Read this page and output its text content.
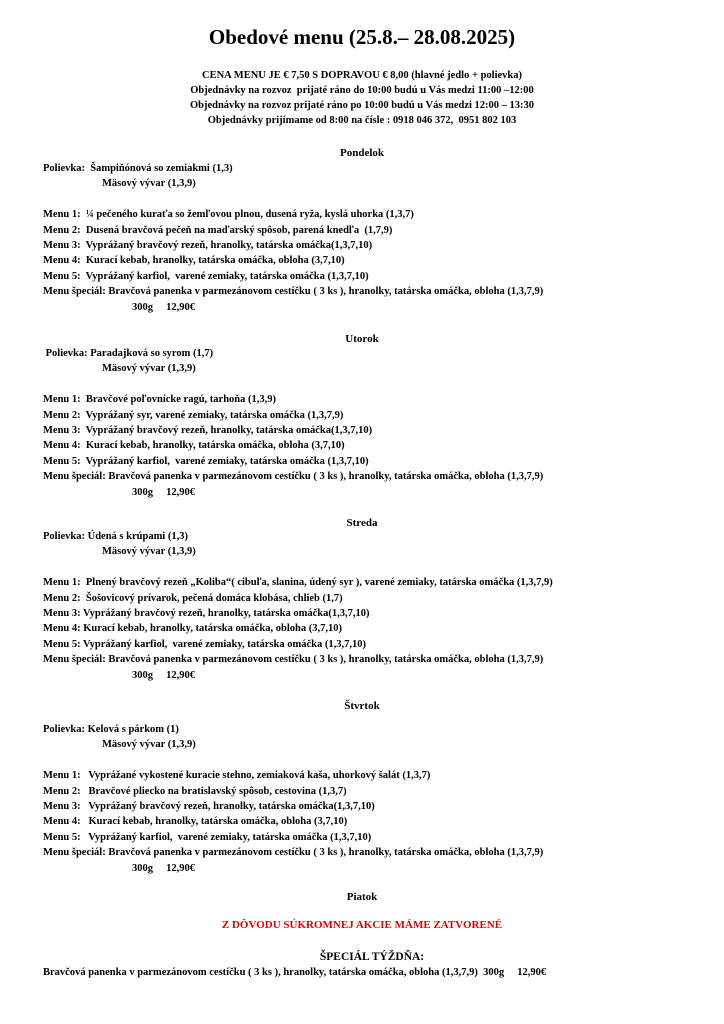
Obedové menu (25.8.– 28.08.2025)
CENA MENU JE € 7,50 S DOPRAVOU € 8,00 (hlavné jedlo + polievka)
Objednávky na rozvoz  prijaté ráno do 10:00 budú u Vás medzi 11:00 –12:00
Objednávky na rozvoz prijaté ráno po 10:00 budú u Vás medzi 12:00 – 13:30
Objednávky prijímame od 8:00 na čísle : 0918 046 372,  0951 802 103
Pondelok
Polievka: Šampiňónová so zemiakmi (1,3)
Mäsový vývar (1,3,9)
Menu 1:  ¼ pečeného kuraťa so žemľovou plnou, dusená ryža, kyslá uhorka (1,3,7)
Menu 2:  Dusená bravčová pečeň na maďarský spôsob, parená knedľa  (1,7,9)
Menu 3:  Vyprážaný bravčový rezeň, hranolky, tatárska omáčka(1,3,7,10)
Menu 4:  Kurací kebab, hranolky, tatárska omáčka, obloha (3,7,10)
Menu 5:  Vyprážaný karfiol,  varené zemiaky, tatárska omáčka (1,3,7,10)
Menu špeciál: Bravčová panenka v parmezánovom cestíčku ( 3 ks ), hranolky, tatárska omáčka, obloha (1,3,7,9)
300g     12,90€
Utorok
Polievka: Paradajková so syrom (1,7)
Mäsový vývar (1,3,9)
Menu 1:  Bravčové poľovnícke ragú, tarhoňa (1,3,9)
Menu 2:  Vyprážaný syr, varené zemiaky, tatárska omáčka (1,3,7,9)
Menu 3:  Vyprážaný bravčový rezeň, hranolky, tatárska omáčka(1,3,7,10)
Menu 4:  Kurací kebab, hranolky, tatárska omáčka, obloha (3,7,10)
Menu 5:  Vyprážaný karfiol,  varené zemiaky, tatárska omáčka (1,3,7,10)
Menu špeciál: Bravčová panenka v parmezánovom cestíčku ( 3 ks ), hranolky, tatárska omáčka, obloha (1,3,7,9)
300g     12,90€
Streda
Polievka: Údená s krúpami (1,3)
Mäsový vývar (1,3,9)
Menu 1:  Plnený bravčový rezeň „Koliba“( cibuľa, slanina, údený syr ), varené zemiaky, tatárska omáčka (1,3,7,9)
Menu 2:  Šošovicový prívarok, pečená domáca klobása, chlieb (1,7)
Menu 3: Vyprážaný bravčový rezeň, hranolky, tatárska omáčka(1,3,7,10)
Menu 4: Kurací kebab, hranolky, tatárska omáčka, obloha (3,7,10)
Menu 5: Vyprážaný karfiol,  varené zemiaky, tatárska omáčka (1,3,7,10)
Menu špeciál: Bravčová panenka v parmezánovom cestíčku ( 3 ks ), hranolky, tatárska omáčka, obloha (1,3,7,9)
300g     12,90€
Štvrtok
Polievka: Kelová s párkom (1)
Mäsový vývar (1,3,9)
Menu 1:   Vyprážané vykostené kuracie stehno, zemiaková kaša, uhorkový šalát (1,3,7)
Menu 2:   Bravčové pliecko na bratislavský spôsob, cestovina (1,3,7)
Menu 3:   Vyprážaný bravčový rezeň, hranolky, tatárska omáčka(1,3,7,10)
Menu 4:   Kurací kebab, hranolky, tatárska omáčka, obloha (3,7,10)
Menu 5:   Vyprážaný karfiol,  varené zemiaky, tatárska omáčka (1,3,7,10)
Menu špeciál: Bravčová panenka v parmezánovom cestíčku ( 3 ks ), hranolky, tatárska omáčka, obloha (1,3,7,9)
300g     12,90€
Piatok
Z DÔVODU SÚKROMNEJ AKCIE MÁME ZATVORENÉ
ŠPECIÁL TÝŽDŇA:
Bravčová panenka v parmezánovom cestíčku ( 3 ks ), hranolky, tatárska omáčka, obloha (1,3,7,9)  300g     12,90€
